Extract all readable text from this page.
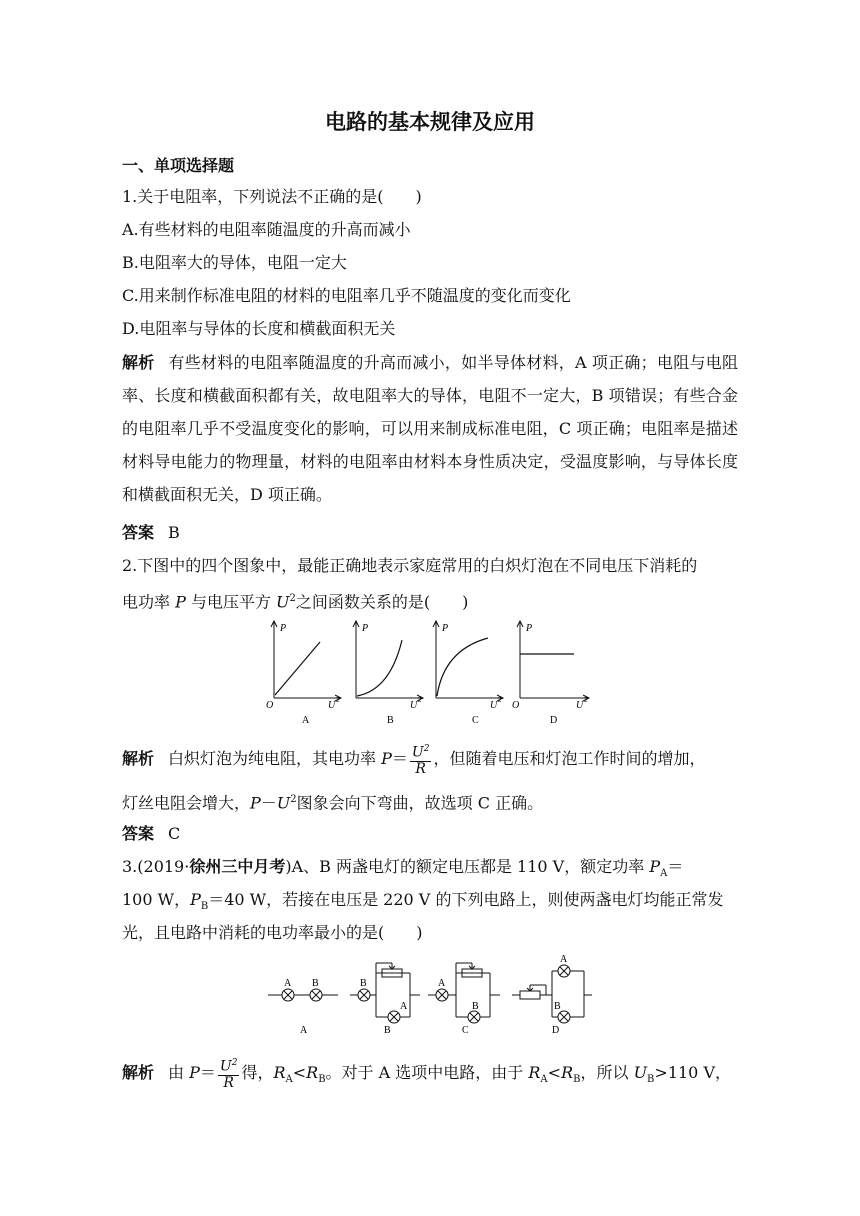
电路的基本规律及应用
一、单项选择题
1.关于电阻率，下列说法不正确的是(　　)
A.有些材料的电阻率随温度的升高而减小
B.电阻率大的导体，电阻一定大
C.用来制作标准电阻的材料的电阻率几乎不随温度的变化而变化
D.电阻率与导体的长度和横截面积无关
解析 有些材料的电阻率随温度的升高而减小，如半导体材料，A 项正确；电阻与电阻率、长度和横截面积都有关，故电阻率大的导体，电阻不一定大，B 项错误；有些合金的电阻率几乎不受温度变化的影响，可以用来制成标准电阻，C 项正确；电阻率是描述材料导电能力的物理量，材料的电阻率由材料本身性质决定，受温度影响，与导体长度和横截面积无关，D 项正确。
答案 B
2.下图中的四个图象中，最能正确地表示家庭常用的白炽灯泡在不同电压下消耗的
电功率 P 与电压平方 $U^2$之间函数关系的是(　　)
P
O	U 2
A
P
U 2
B
P
U 2
C
P
O	U 2
D
解析 白炽灯泡为纯电阻，其电功率 $P= \frac{U^2}{R}$ ，但随着电压和灯泡工作时间的增加，
灯丝电阻会增大，$P-U^2$图象会向下弯曲，故选项 C 正确。
答案 C
3.(2019·徐州三中月考)A、B 两盏电灯的额定电压都是 110 V，额定功率 $P_A=$
100 W，$P_B=40$ W，若接在电压是 220 V 的下列电路上，则使两盏电灯均能正常发
光，且电路中消耗的电功率最小的是(　　)
A B
A
B
A
B
A
B
C
A
B
D
解析 由 $P= \frac{U^2}{R}$ 得，$R_A<R_B$。对于 A 选项中电路，由于 $R_A<R_B$，所以 $U_B>110$ V，
